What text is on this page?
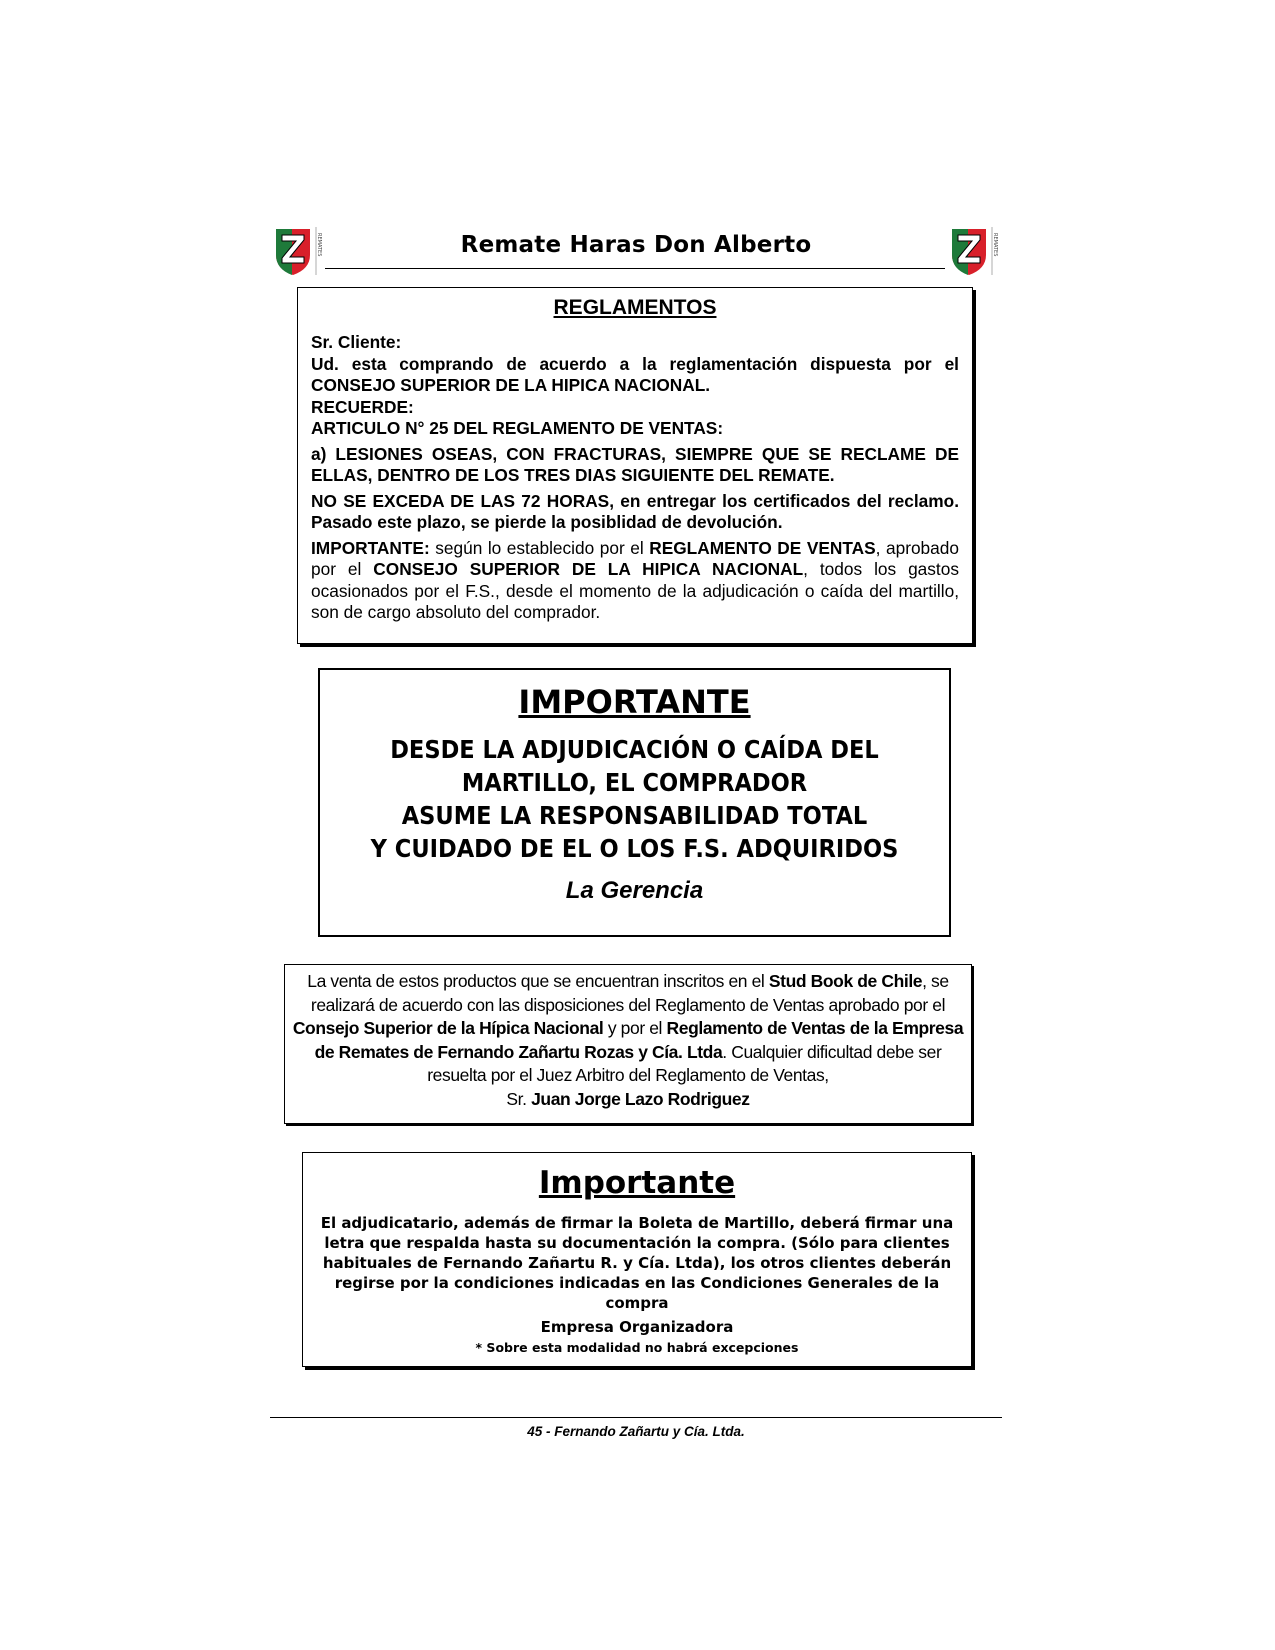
REMATES	Remate Haras Don Alberto	REMATES
REGLAMENTOS

Sr. Cliente:

Ud. esta comprando de acuerdo a la reglamentación dispuesta por el CONSEJO SUPERIOR DE LA HIPICA NACIONAL.

RECUERDE:

ARTICULO N° 25 DEL REGLAMENTO DE VENTAS:

a) LESIONES OSEAS, CON FRACTURAS, SIEMPRE QUE SE RECLAME DE ELLAS, DENTRO DE LOS TRES DIAS SIGUIENTE DEL REMATE.

NO SE EXCEDA DE LAS 72 HORAS, en entregar los certificados del reclamo. Pasado este plazo, se pierde la posiblidad de devolución.

IMPORTANTE: según lo establecido por el REGLAMENTO DE VENTAS, aprobado por el CONSEJO SUPERIOR DE LA HIPICA NACIONAL, todos los gastos ocasionados por el F.S., desde el momento de la adjudicación o caída del martillo, son de cargo absoluto del comprador.

IMPORTANTE
DESDE LA ADJUDICACIÓN O CAÍDA DEL
MARTILLO, EL COMPRADOR
ASUME LA RESPONSABILIDAD TOTAL
Y CUIDADO DE EL O LOS F.S. ADQUIRIDOS
La Gerencia

La venta de estos productos que se encuentran inscritos en el Stud Book de Chile, se realizará de acuerdo con las disposiciones del Reglamento de Ventas aprobado por el Consejo Superior de la Hípica Nacional y por el Reglamento de Ventas de la Empresa de Remates de Fernando Zañartu Rozas y Cía. Ltda. Cualquier dificultad debe ser resuelta por el Juez Arbitro del Reglamento de Ventas,

Sr. Juan Jorge Lazo Rodriguez

Importante
El adjudicatario, además de firmar la Boleta de Martillo, deberá firmar una letra que respalda hasta su documentación la compra. (Sólo para clientes habituales de Fernando Zañartu R. y Cía. Ltda), los otros clientes deberán regirse por la condiciones indicadas en las Condiciones Generales de la compra
Empresa Organizadora
* Sobre esta modalidad no habrá excepciones
45 - Fernando Zañartu y Cía. Ltda.
